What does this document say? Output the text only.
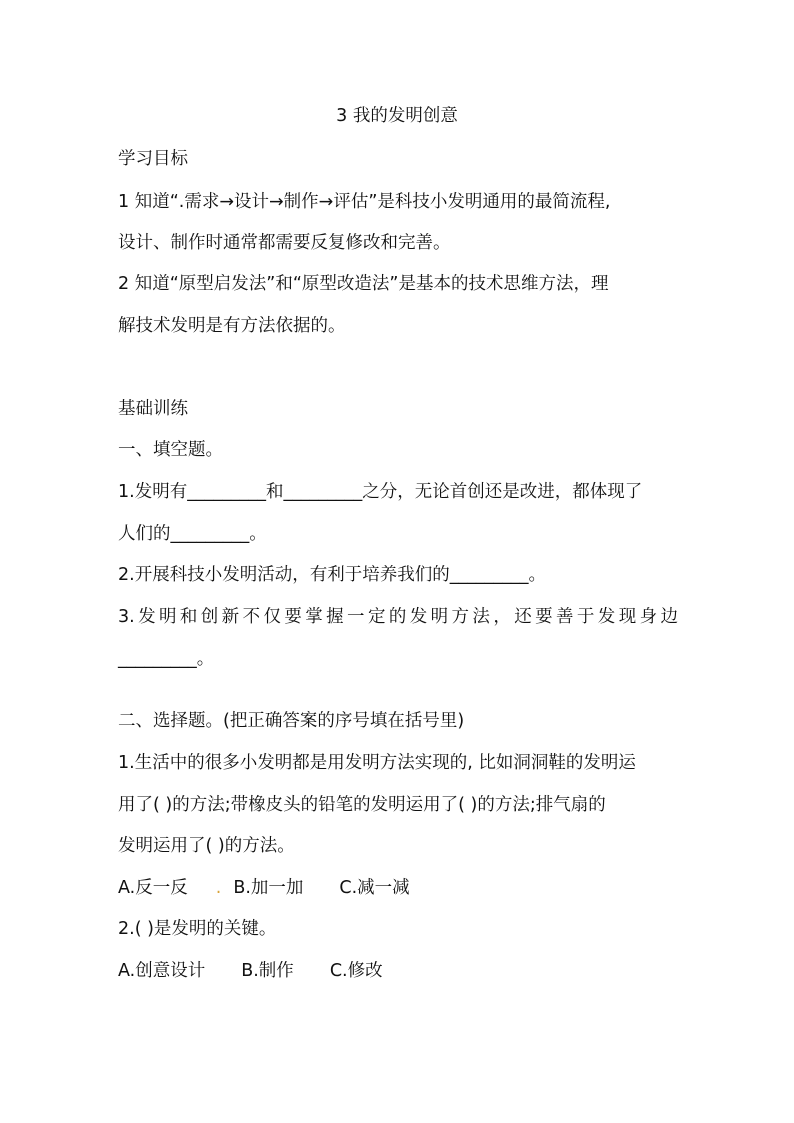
3 我的发明创意
学习目标
1 知道“.需求→设计→制作→评估”是科技小发明通用的最简流程,
设计、制作时通常都需要反复修改和完善。
2 知道“原型启发法”和“原型改造法”是基本的技术思维方法，理
解技术发明是有方法依据的。
基础训练
一、填空题。
1.发明有_________和_________之分，无论首创还是改进，都体现了
人们的_________。
2.开展科技小发明活动，有利于培养我们的_________。
3.发明和创新不仅要掌握一定的发明方法，还要善于发现身边
_________。
二、选择题。(把正确答案的序号填在括号里)
1.生活中的很多小发明都是用发明方法实现的, 比如洞洞鞋的发明运
用了( )的方法;带橡皮头的铅笔的发明运用了( )的方法;排气扇的
发明运用了( )的方法。
A.反一反 . B.加一加 C.减一减
2.( )是发明的关键。
A.创意设计 B.制作 C.修改
